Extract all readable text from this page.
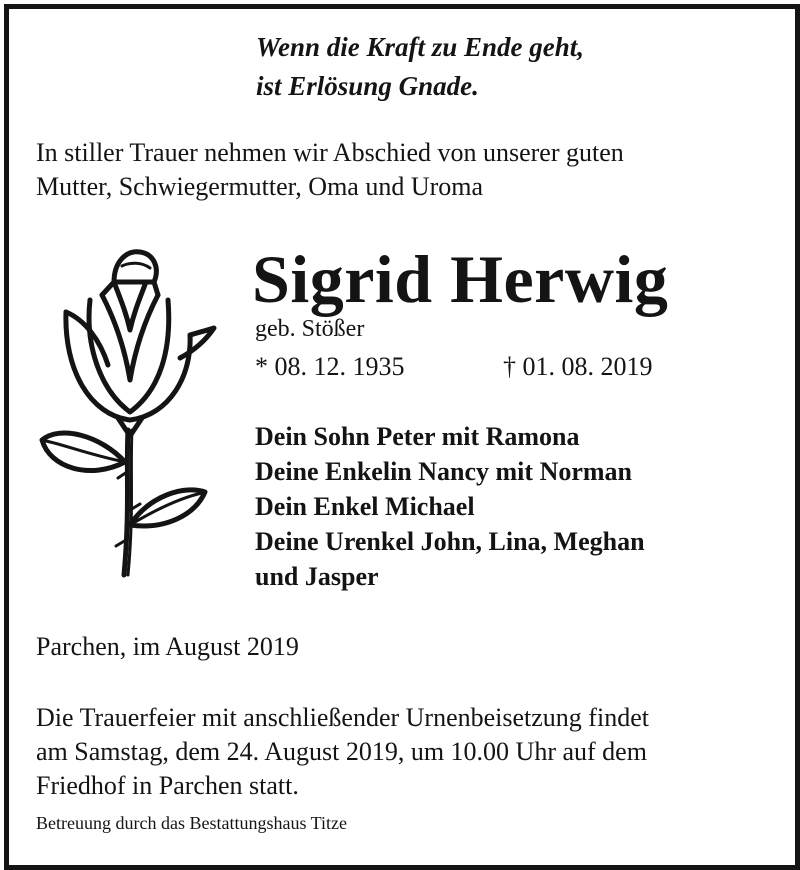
Wenn die Kraft zu Ende geht,
ist Erlösung Gnade.
In stiller Trauer nehmen wir Abschied von unserer guten
Mutter, Schwiegermutter, Oma und Uroma
Sigrid Herwig
geb. Stößer
* 08. 12. 1935	† 01. 08. 2019
Dein Sohn Peter mit Ramona
Deine Enkelin Nancy mit Norman
Dein Enkel Michael
Deine Urenkel John, Lina, Meghan
und Jasper
Parchen, im August 2019
Die Trauerfeier mit anschließender Urnenbeisetzung findet
am Samstag, dem 24. August 2019, um 10.00 Uhr auf dem
Friedhof in Parchen statt.
Betreuung durch das Bestattungshaus Titze
